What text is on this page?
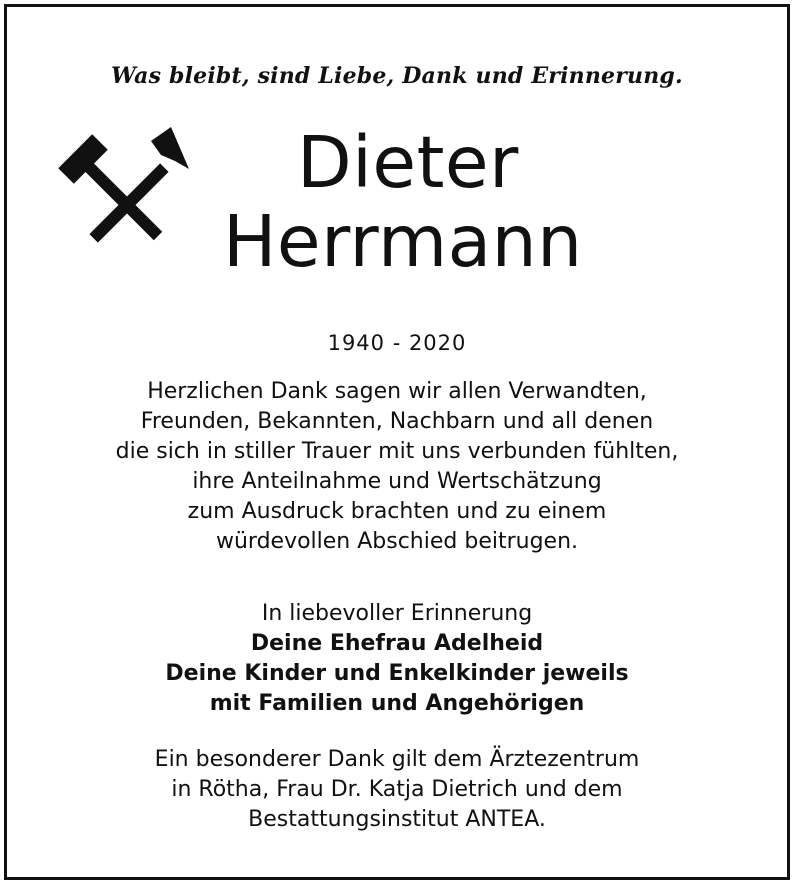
Was bleibt, sind Liebe, Dank und Erinnerung.
Dieter
Herrmann
1940 - 2020
Herzlichen Dank sagen wir allen Verwandten,
Freunden, Bekannten, Nachbarn und all denen
die sich in stiller Trauer mit uns verbunden fühlten,
ihre Anteilnahme und Wertschätzung
zum Ausdruck brachten und zu einem
würdevollen Abschied beitrugen.
In liebevoller Erinnerung
Deine Ehefrau Adelheid
Deine Kinder und Enkelkinder jeweils
mit Familien und Angehörigen
Ein besonderer Dank gilt dem Ärztezentrum
in Rötha, Frau Dr. Katja Dietrich und dem
Bestattungsinstitut ANTEA.
